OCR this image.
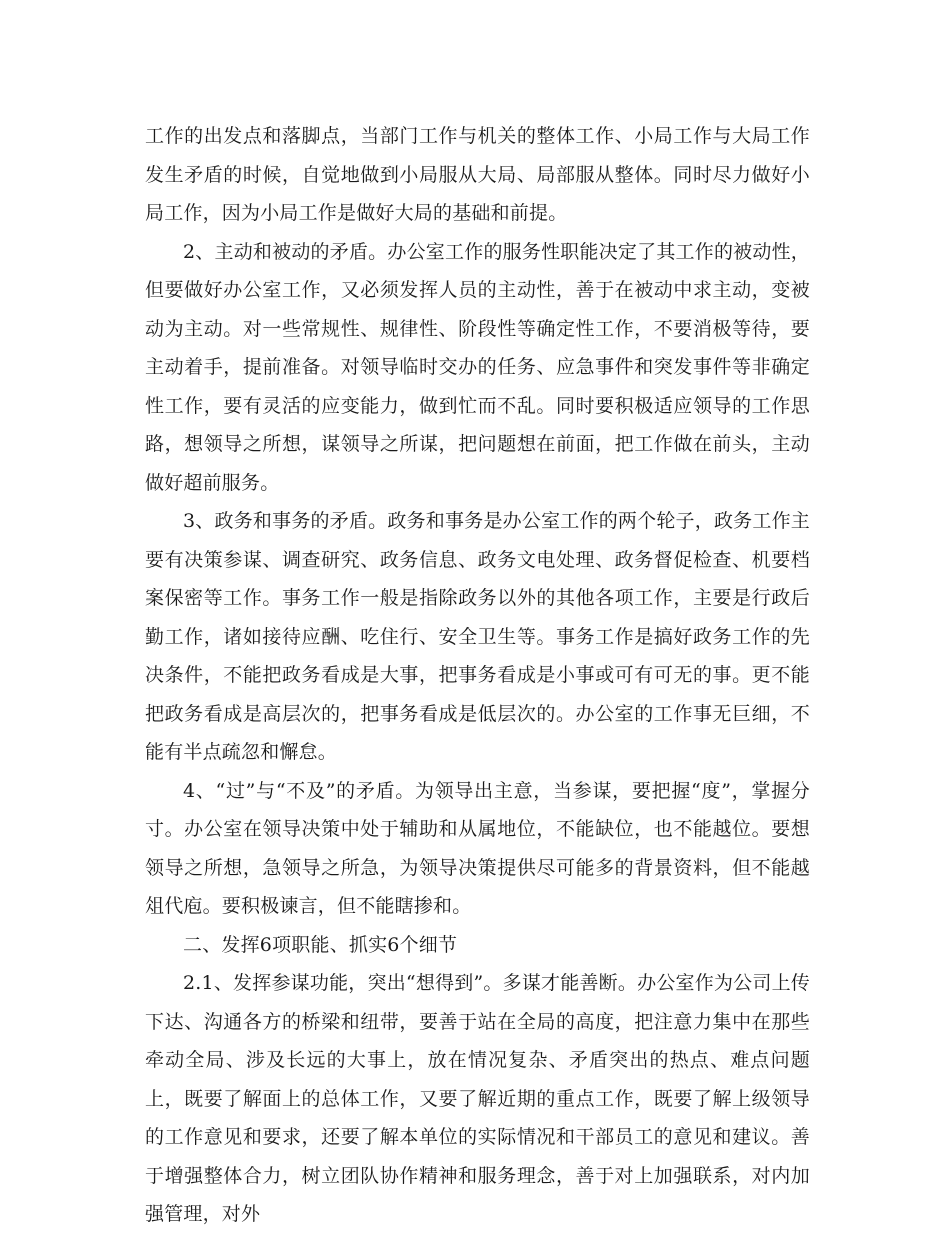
工作的出发点和落脚点，当部门工作与机关的整体工作、小局工作与大局工作发生矛盾的时候，自觉地做到小局服从大局、局部服从整体。同时尽力做好小局工作，因为小局工作是做好大局的基础和前提。

2、主动和被动的矛盾。办公室工作的服务性职能决定了其工作的被动性，但要做好办公室工作，又必须发挥人员的主动性，善于在被动中求主动，变被动为主动。对一些常规性、规律性、阶段性等确定性工作，不要消极等待，要主动着手，提前准备。对领导临时交办的任务、应急事件和突发事件等非确定性工作，要有灵活的应变能力，做到忙而不乱。同时要积极适应领导的工作思路，想领导之所想，谋领导之所谋，把问题想在前面，把工作做在前头，主动做好超前服务。

3、政务和事务的矛盾。政务和事务是办公室工作的两个轮子，政务工作主要有决策参谋、调查研究、政务信息、政务文电处理、政务督促检查、机要档案保密等工作。事务工作一般是指除政务以外的其他各项工作，主要是行政后勤工作，诸如接待应酬、吃住行、安全卫生等。事务工作是搞好政务工作的先决条件，不能把政务看成是大事，把事务看成是小事或可有可无的事。更不能把政务看成是高层次的，把事务看成是低层次的。办公室的工作事无巨细，不能有半点疏忽和懈怠。

4、“过”与“不及”的矛盾。为领导出主意，当参谋，要把握“度”，掌握分寸。办公室在领导决策中处于辅助和从属地位，不能缺位，也不能越位。要想领导之所想，急领导之所急，为领导决策提供尽可能多的背景资料，但不能越俎代庖。要积极谏言，但不能瞎掺和。

二、发挥6项职能、抓实6个细节

2.1、发挥参谋功能，突出“想得到”。多谋才能善断。办公室作为公司上传下达、沟通各方的桥梁和纽带，要善于站在全局的高度，把注意力集中在那些牵动全局、涉及长远的大事上，放在情况复杂、矛盾突出的热点、难点问题上，既要了解面上的总体工作，又要了解近期的重点工作，既要了解上级领导的工作意见和要求，还要了解本单位的实际情况和干部员工的意见和建议。善于增强整体合力，树立团队协作精神和服务理念，善于对上加强联系，对内加强管理，对外
